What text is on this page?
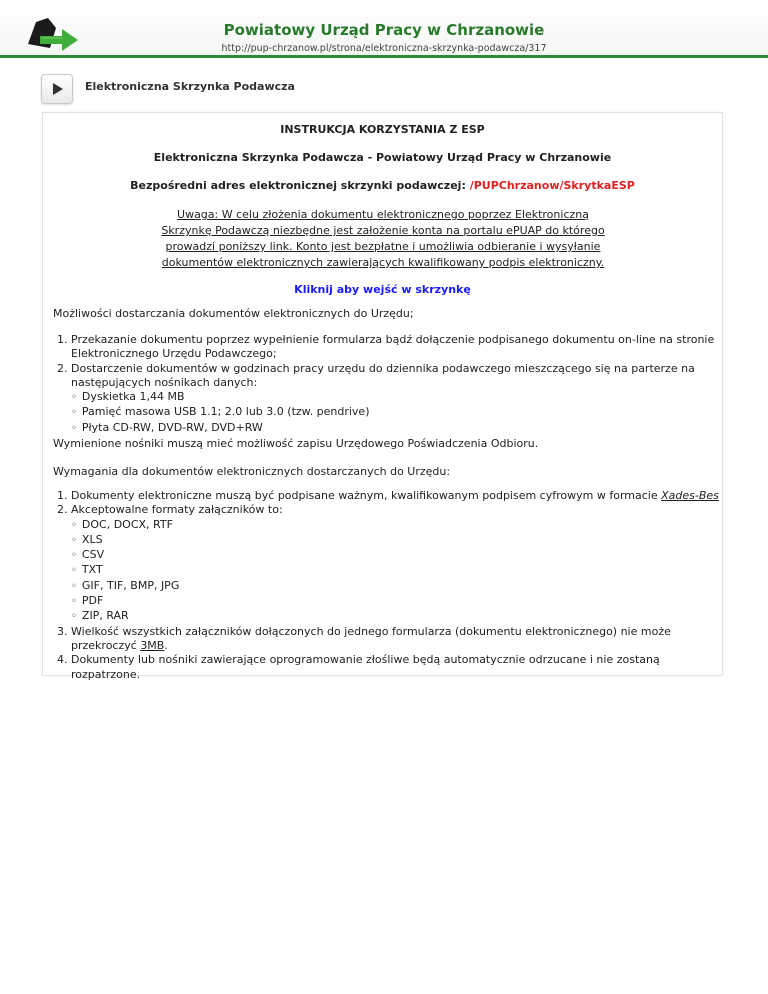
Powiatowy Urząd Pracy w Chrzanowie
http://pup-chrzanow.pl/strona/elektroniczna-skrzynka-podawcza/317
Elektroniczna Skrzynka Podawcza
INSTRUKCJA KORZYSTANIA Z ESP
Elektroniczna Skrzynka Podawcza - Powiatowy Urząd Pracy w Chrzanowie
Bezpośredni adres elektronicznej skrzynki podawczej: /PUPChrzanow/SkrytkaESP
Uwaga: W celu złożenia dokumentu elektronicznego poprzez Elektroniczną Skrzynkę Podawczą niezbędne jest założenie konta na portalu ePUAP do którego prowadzi poniższy link. Konto jest bezpłatne i umożliwia odbieranie i wysyłanie dokumentów elektronicznych zawierających kwalifikowany podpis elektroniczny.
Kliknij aby wejść w skrzynkę
Możliwości dostarczania dokumentów elektronicznych do Urzędu;
1. Przekazanie dokumentu poprzez wypełnienie formularza bądź dołączenie podpisanego dokumentu on-line na stronie Elektronicznego Urzędu Podawczego;
2. Dostarczenie dokumentów w godzinach pracy urzędu do dziennika podawczego mieszczącego się na parterze na następujących nośnikach danych:
◦ Dyskietka 1,44 MB
◦ Pamięć masowa USB 1.1; 2.0 lub 3.0 (tzw. pendrive)
◦ Płyta CD-RW, DVD-RW, DVD+RW
Wymienione nośniki muszą mieć możliwość zapisu Urzędowego Poświadczenia Odbioru.
Wymagania dla dokumentów elektronicznych dostarczanych do Urzędu:
1. Dokumenty elektroniczne muszą być podpisane ważnym, kwalifikowanym podpisem cyfrowym w formacie Xades-Bes
2. Akceptowalne formaty załączników to:
◦ DOC, DOCX, RTF
◦ XLS
◦ CSV
◦ TXT
◦ GIF, TIF, BMP, JPG
◦ PDF
◦ ZIP, RAR
3. Wielkość wszystkich załączników dołączonych do jednego formularza (dokumentu elektronicznego) nie może przekroczyć 3MB.
4. Dokumenty lub nośniki zawierające oprogramowanie złośliwe będą automatycznie odrzucane i nie zostaną rozpatrzone.
